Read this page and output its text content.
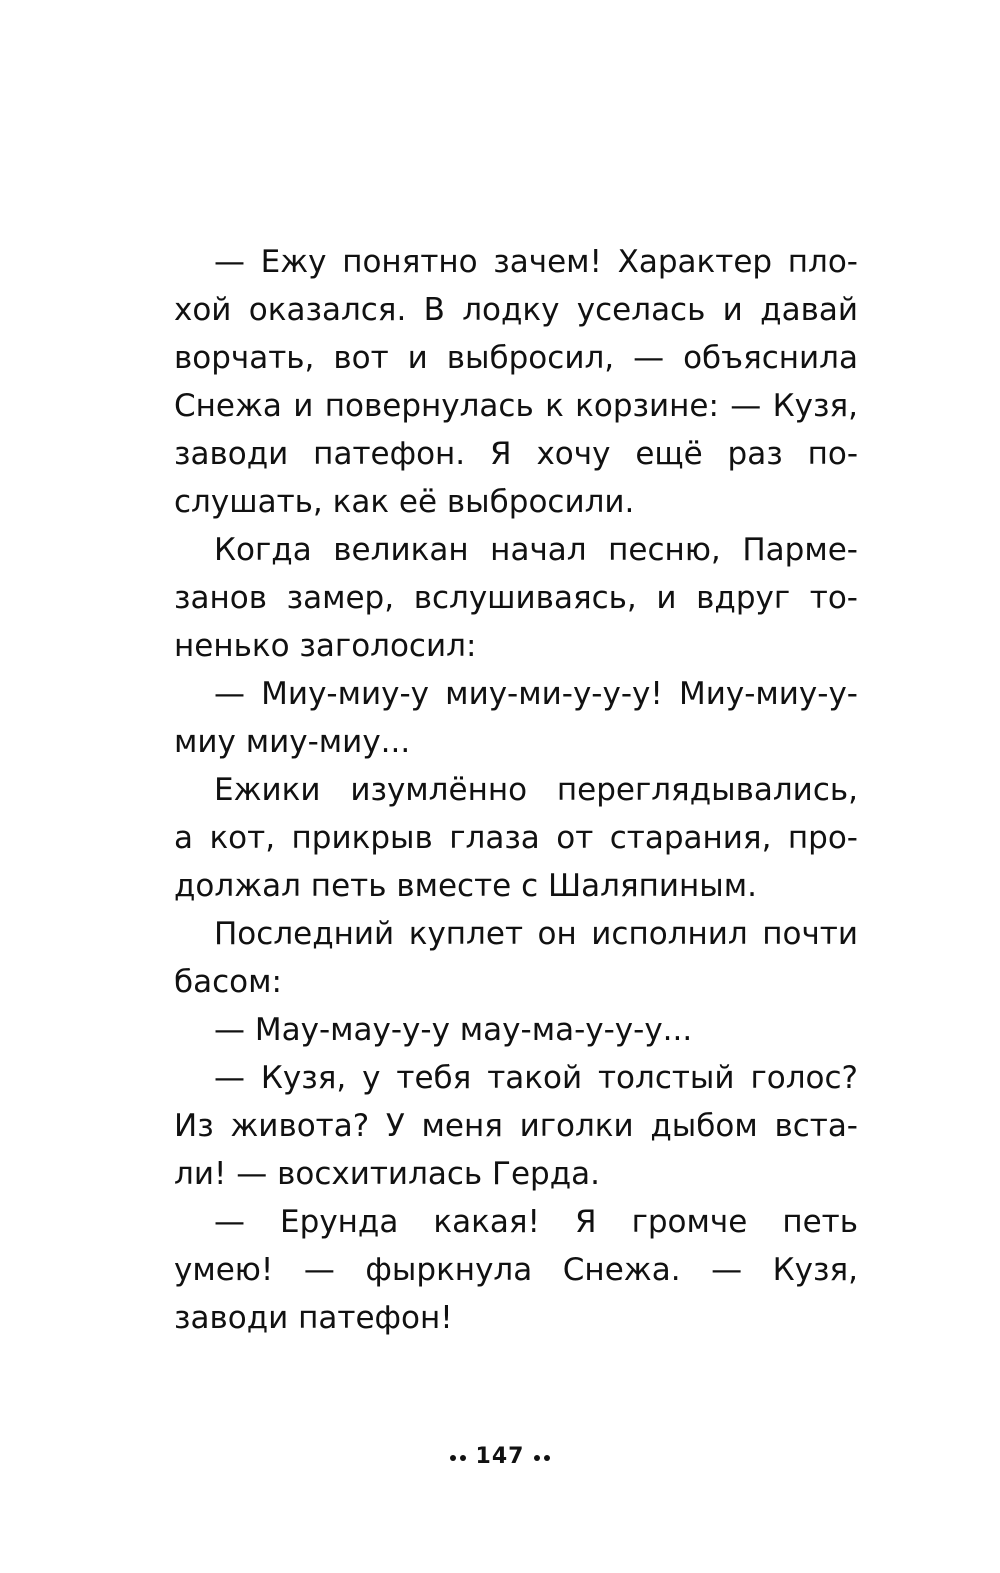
— Ежу понятно зачем! Характер пло-
хой оказался. В лодку уселась и давай
ворчать, вот и выбросил, — объяснила
Снежа и повернулась к корзине: — Кузя,
заводи патефон. Я хочу ещё раз по-
слушать, как её выбросили.
Когда великан начал песню, Парме-
занов замер, вслушиваясь, и вдруг то-
ненько заголосил:
— Миу-миу-у миу-ми-у-у-у! Миу-миу-у-
миу миу-миу...
Ежики изумлённо переглядывались,
а кот, прикрыв глаза от старания, про-
должал петь вместе с Шаляпиным.
Последний куплет он исполнил почти
басом:
— Мау-мау-у-у мау-ма-у-у-у...
— Кузя, у тебя такой толстый голос?
Из живота? У меня иголки дыбом вста-
ли! — восхитилась Герда.
— Ерунда какая! Я громче петь
умею! — фыркнула Снежа. — Кузя,
заводи патефон!
147
